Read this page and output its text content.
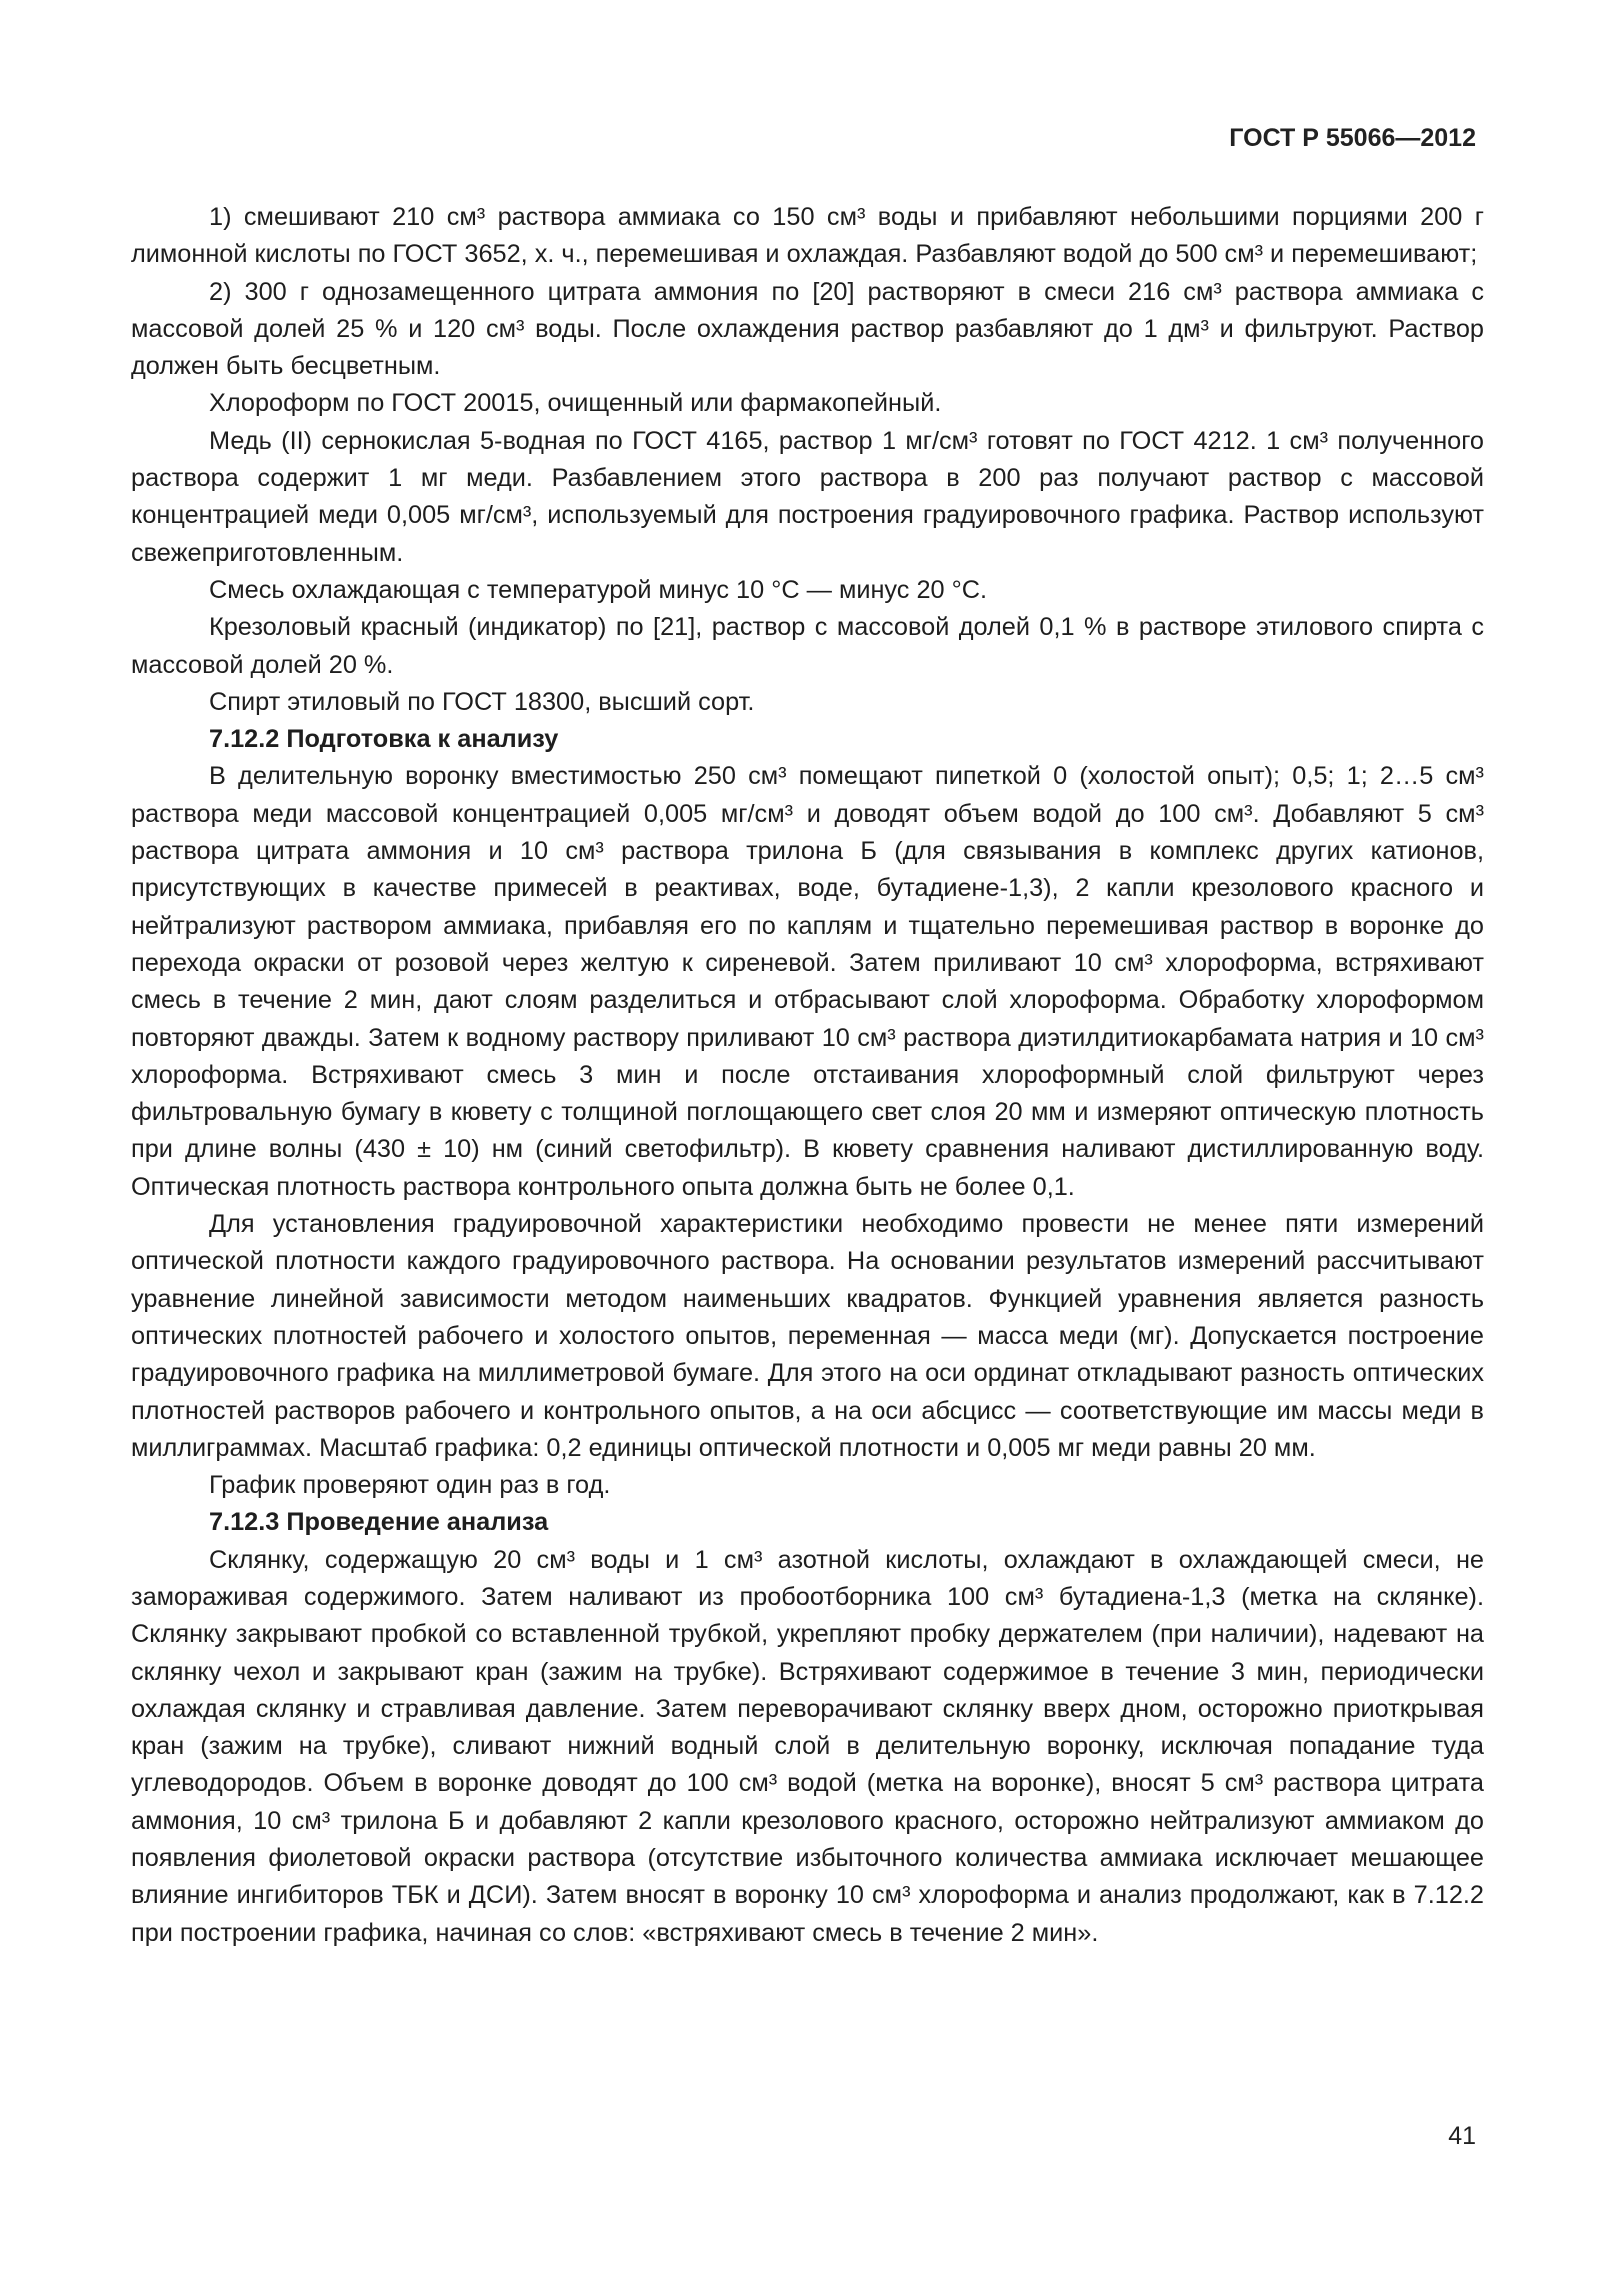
ГОСТ Р 55066—2012

1) смешивают 210 см³ раствора аммиака со 150 см³ воды и прибавляют небольшими порциями 200 г лимонной кислоты по ГОСТ 3652, х. ч., перемешивая и охлаждая. Разбавляют водой до 500 см³ и перемешивают;

2) 300 г однозамещенного цитрата аммония по [20] растворяют в смеси 216 см³ раствора аммиака с массовой долей 25 % и 120 см³ воды. После охлаждения раствор разбавляют до 1 дм³ и фильтруют. Раствор должен быть бесцветным.

Хлороформ по ГОСТ 20015, очищенный или фармакопейный.

Медь (II) сернокислая 5-водная по ГОСТ 4165, раствор 1 мг/см³ готовят по ГОСТ 4212. 1 см³ полученного раствора содержит 1 мг меди. Разбавлением этого раствора в 200 раз получают раствор с массовой концентрацией меди 0,005 мг/см³, используемый для построения градуировочного графика. Раствор используют свежеприготовленным.

Смесь охлаждающая с температурой минус 10 °С — минус 20 °С.

Крезоловый красный (индикатор) по [21], раствор с массовой долей 0,1 % в растворе этилового спирта с массовой долей 20 %.

Спирт этиловый по ГОСТ 18300, высший сорт.

7.12.2 Подготовка к анализу

В делительную воронку вместимостью 250 см³ помещают пипеткой 0 (холостой опыт); 0,5; 1; 2…5 см³ раствора меди массовой концентрацией 0,005 мг/см³ и доводят объем водой до 100 см³. Добавляют 5 см³ раствора цитрата аммония и 10 см³ раствора трилона Б (для связывания в комплекс других катионов, присутствующих в качестве примесей в реактивах, воде, бутадиене-1,3), 2 капли крезолового красного и нейтрализуют раствором аммиака, прибавляя его по каплям и тщательно перемешивая раствор в воронке до перехода окраски от розовой через желтую к сиреневой. Затем приливают 10 см³ хлороформа, встряхивают смесь в течение 2 мин, дают слоям разделиться и отбрасывают слой хлороформа. Обработку хлороформом повторяют дважды. Затем к водному раствору приливают 10 см³ раствора диэтилдитиокарбамата натрия и 10 см³ хлороформа. Встряхивают смесь 3 мин и после отстаивания хлороформный слой фильтруют через фильтровальную бумагу в кювету с толщиной поглощающего свет слоя 20 мм и измеряют оптическую плотность при длине волны (430 ± 10) нм (синий светофильтр). В кювету сравнения наливают дистиллированную воду. Оптическая плотность раствора контрольного опыта должна быть не более 0,1.

Для установления градуировочной характеристики необходимо провести не менее пяти измерений оптической плотности каждого градуировочного раствора. На основании результатов измерений рассчитывают уравнение линейной зависимости методом наименьших квадратов. Функцией уравнения является разность оптических плотностей рабочего и холостого опытов, переменная — масса меди (мг). Допускается построение градуировочного графика на миллиметровой бумаге. Для этого на оси ординат откладывают разность оптических плотностей растворов рабочего и контрольного опытов, а на оси абсцисс — соответствующие им массы меди в миллиграммах. Масштаб графика: 0,2 единицы оптической плотности и 0,005 мг меди равны 20 мм.

График проверяют один раз в год.

7.12.3 Проведение анализа

Склянку, содержащую 20 см³ воды и 1 см³ азотной кислоты, охлаждают в охлаждающей смеси, не замораживая содержимого. Затем наливают из пробоотборника 100 см³ бутадиена-1,3 (метка на склянке). Склянку закрывают пробкой со вставленной трубкой, укрепляют пробку держателем (при наличии), надевают на склянку чехол и закрывают кран (зажим на трубке). Встряхивают содержимое в течение 3 мин, периодически охлаждая склянку и стравливая давление. Затем переворачивают склянку вверх дном, осторожно приоткрывая кран (зажим на трубке), сливают нижний водный слой в делительную воронку, исключая попадание туда углеводородов. Объем в воронке доводят до 100 см³ водой (метка на воронке), вносят 5 см³ раствора цитрата аммония, 10 см³ трилона Б и добавляют 2 капли крезолового красного, осторожно нейтрализуют аммиаком до появления фиолетовой окраски раствора (отсутствие избыточного количества аммиака исключает мешающее влияние ингибиторов ТБК и ДСИ). Затем вносят в воронку 10 см³ хлороформа и анализ продолжают, как в 7.12.2 при построении графика, начиная со слов: «встряхивают смесь в течение 2 мин».

41
